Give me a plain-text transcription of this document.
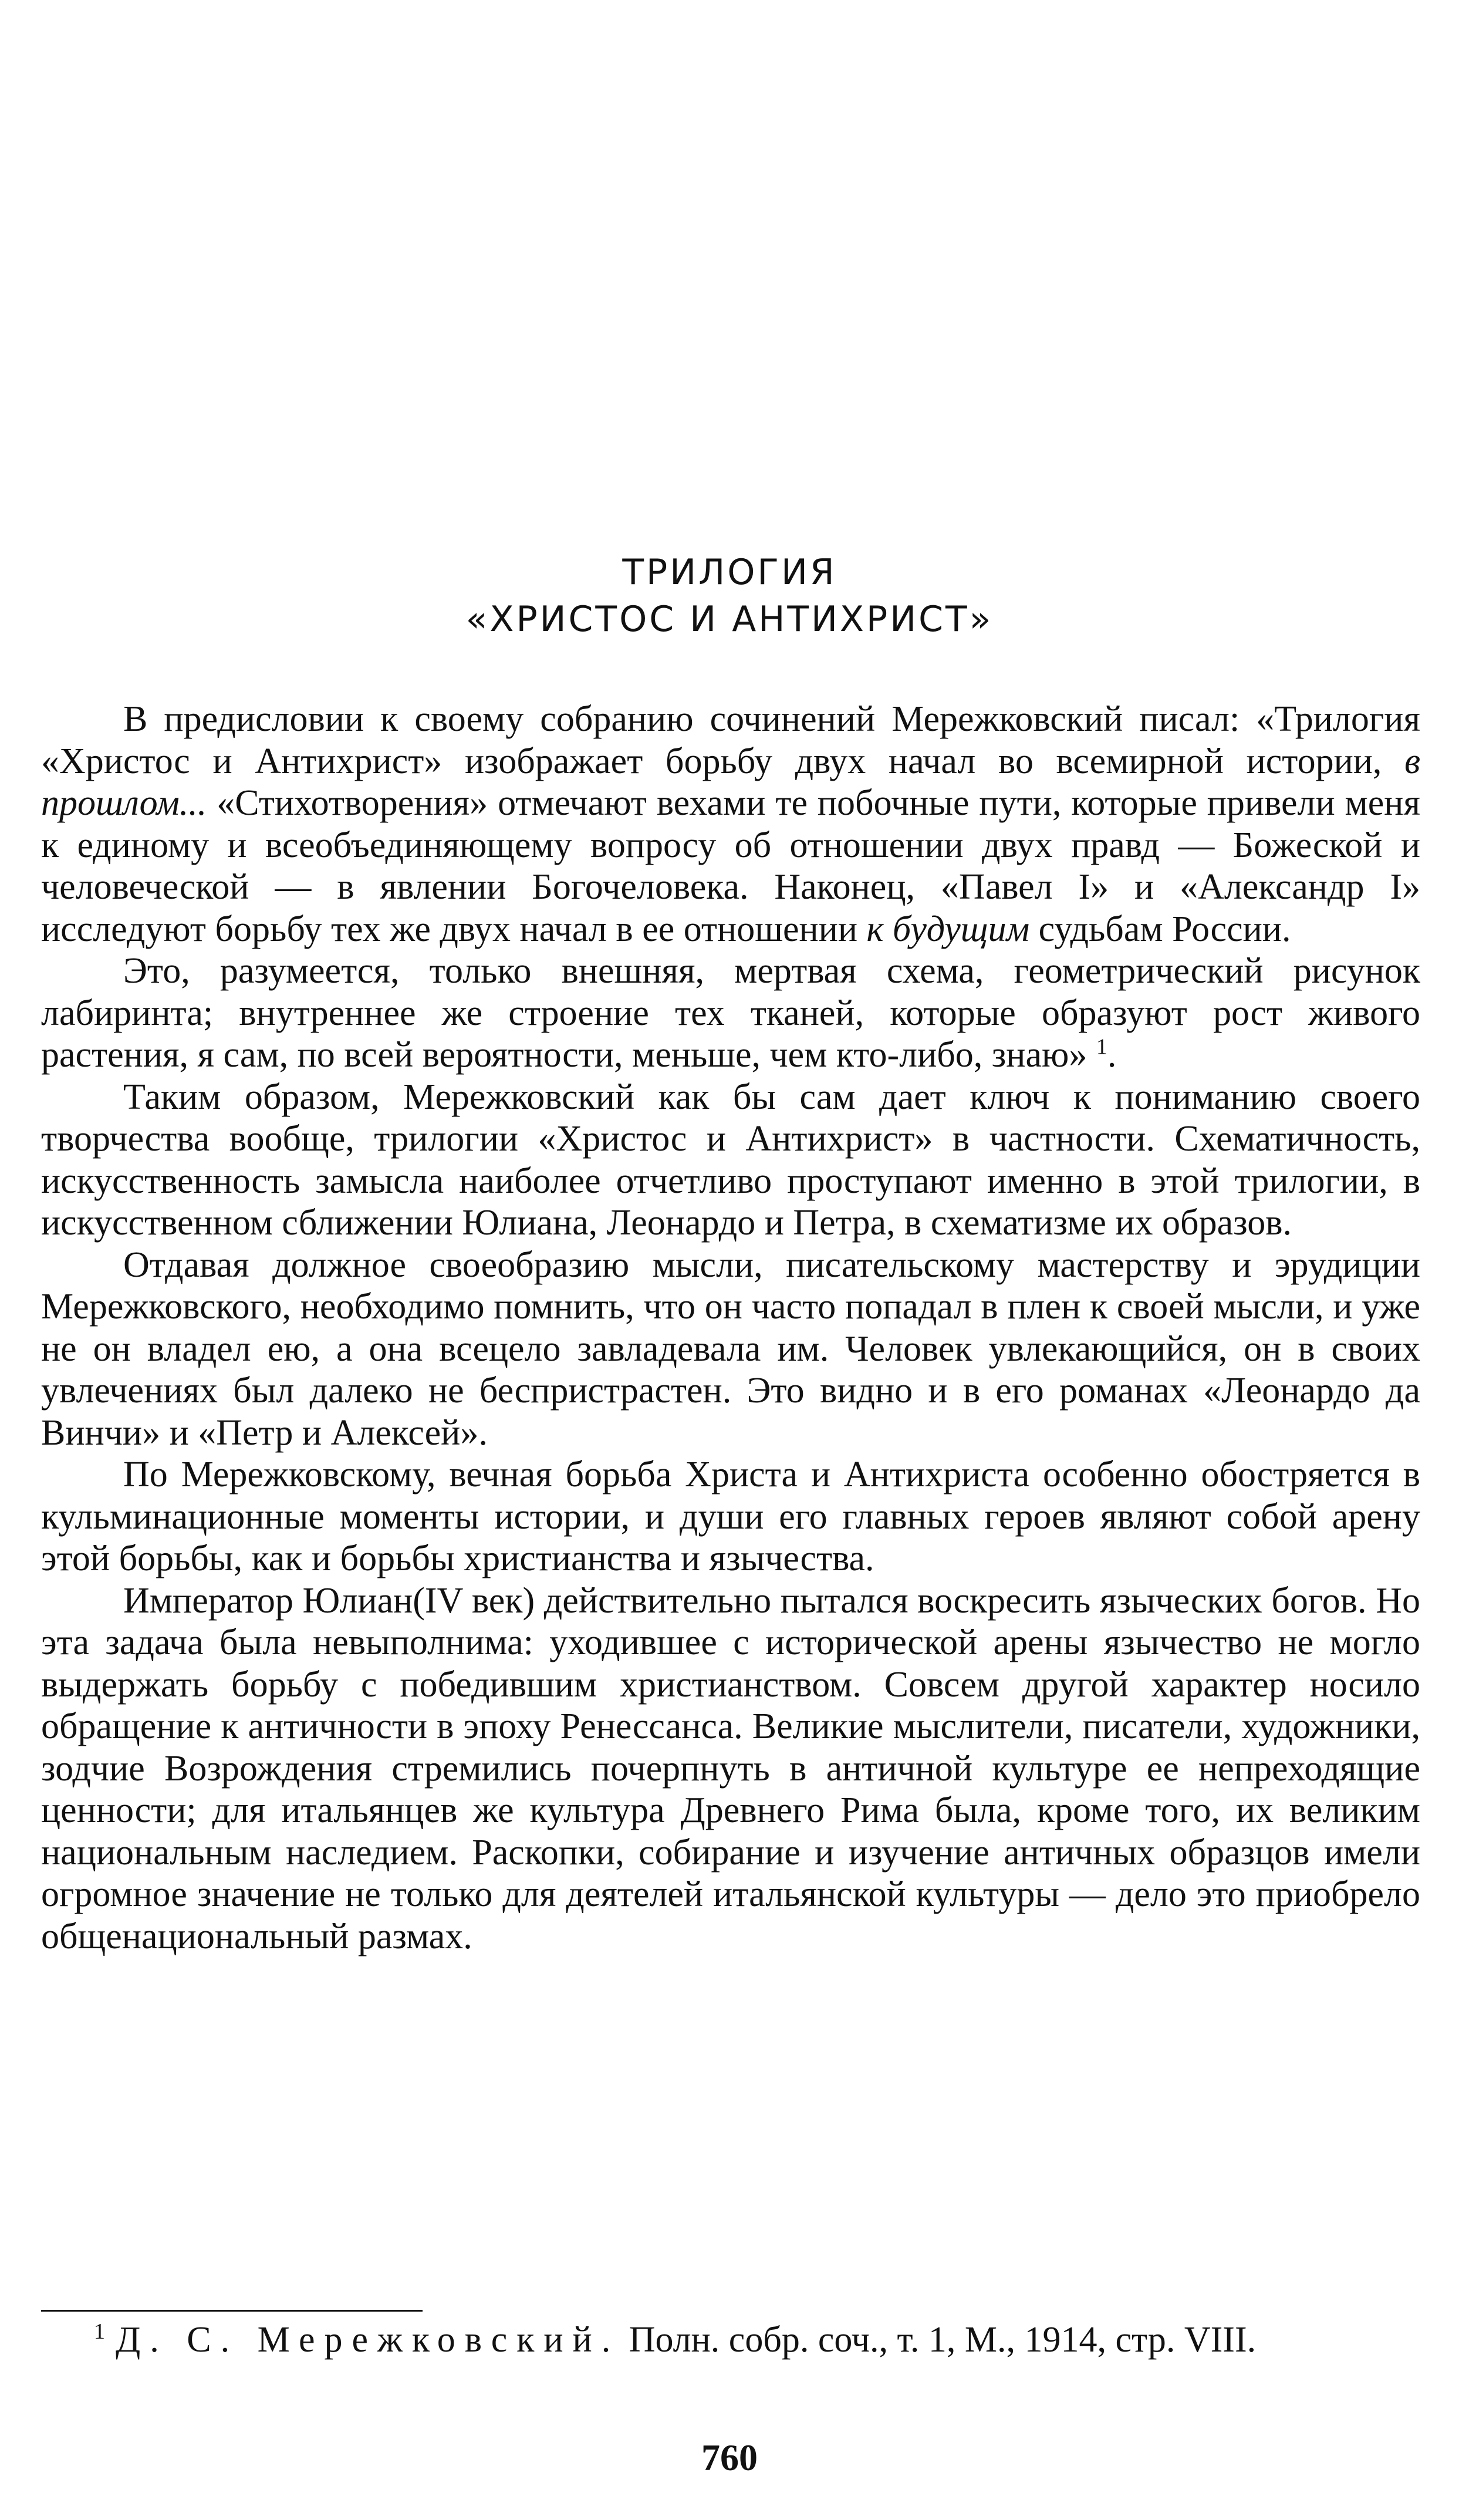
ТРИЛОГИЯ
«ХРИСТОС И АНТИХРИСТ»

В предисловии к своему собранию сочинений Мережковский писал: «Трилогия «Христос и Антихрист» изображает борьбу двух начал во всемирной истории, в прошлом... «Стихотворения» отмечают вехами те побочные пути, которые привели меня к единому и всеобъединяющему вопросу об отношении двух правд — Божеской и человеческой — в явлении Богочеловека. Наконец, «Павел I» и «Александр I» исследуют борьбу тех же двух начал в ее отношении к будущим судьбам России.

Это, разумеется, только внешняя, мертвая схема, геометрический рисунок лабиринта; внутреннее же строение тех тканей, которые образуют рост живого растения, я сам, по всей вероятности, меньше, чем кто-либо, знаю» $^1$.

Таким образом, Мережковский как бы сам дает ключ к пониманию своего творчества вообще, трилогии «Христос и Антихрист» в частности. Схематичность, искусственность замысла наиболее отчетливо проступают именно в этой трилогии, в искусственном сближении Юлиана, Леонардо и Петра, в схематизме их образов.

Отдавая должное своеобразию мысли, писательскому мастерству и эрудиции Мережковского, необходимо помнить, что он часто попадал в плен к своей мысли, и уже не он владел ею, а она всецело завладевала им. Человек увлекающийся, он в своих увлечениях был далеко не беспристрастен. Это видно и в его романах «Леонардо да Винчи» и «Петр и Алексей».

По Мережковскому, вечная борьба Христа и Антихриста особенно обостряется в кульминационные моменты истории, и души его главных героев являют собой арену этой борьбы, как и борьбы христианства и язычества.

Император Юлиан(IV век) действительно пытался воскресить языческих богов. Но эта задача была невыполнима: уходившее с исторической арены язычество не могло выдержать борьбу с победившим христианством. Совсем другой характер носило обращение к античности в эпоху Ренессанса. Великие мыслители, писатели, художники, зодчие Возрождения стремились почерпнуть в античной культуре ее непреходящие ценности; для итальянцев же культура Древнего Рима была, кроме того, их великим национальным наследием. Раскопки, собирание и изучение античных образцов имели огромное значение не только для деятелей итальянской культуры — дело это приобрело общенациональный размах.

$^1$ Д. С. Мережковский. Полн. собр. соч., т. 1, М., 1914, стр. VIII.

760
